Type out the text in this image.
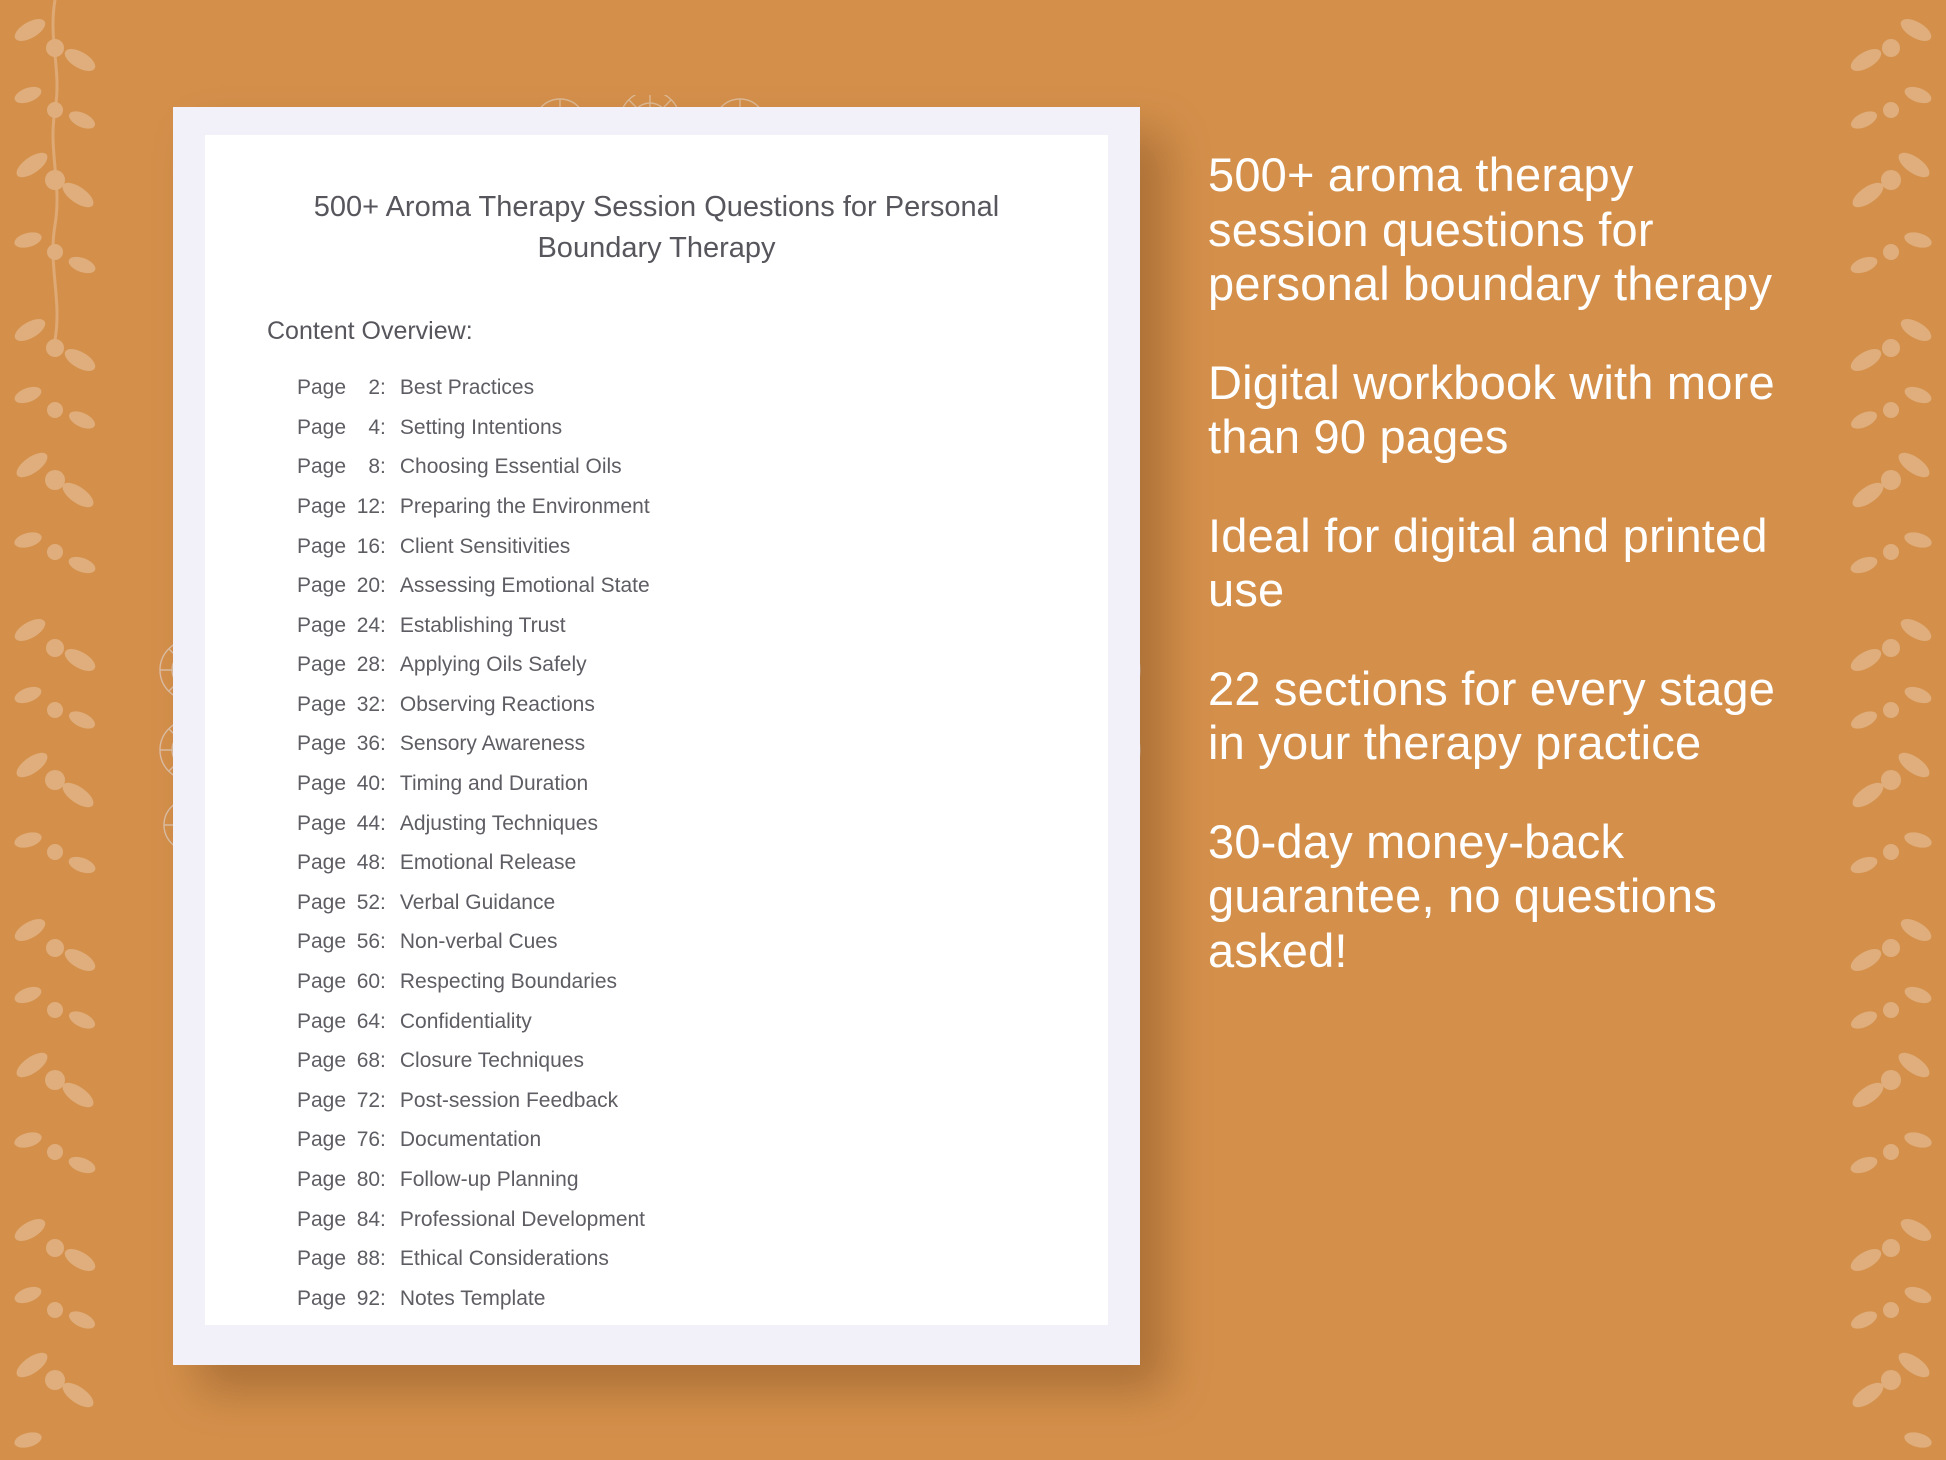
500+ Aroma Therapy Session Questions for Personal Boundary Therapy
Content Overview:
Page	2 : Best Practices
Page	4 : Setting Intentions
Page	8 : Choosing Essential Oils
Page 12 : Preparing the Environment
Page 16 : Client Sensitivities
Page 20 : Assessing Emotional State
Page 24 : Establishing Trust
Page 28 : Applying Oils Safely
Page 32 : Observing Reactions
Page 36 : Sensory Awareness
Page 40 : Timing and Duration
Page 44 : Adjusting Techniques
Page 48 : Emotional Release
Page 52 : Verbal Guidance
Page 56 : Non-verbal Cues
Page 60 : Respecting Boundaries
Page 64 : Confidentiality
Page 68 : Closure Techniques
Page 72 : Post-session Feedback
Page 76 : Documentation
Page 80 : Follow-up Planning
Page 84 : Professional Development
Page 88 : Ethical Considerations
Page 92 : Notes Template
500+ aroma therapy session questions for personal boundary therapy
Digital workbook with more than 90 pages
Ideal for digital and printed use
22 sections for every stage in your therapy practice
30-day money-back guarantee, no questions asked!
